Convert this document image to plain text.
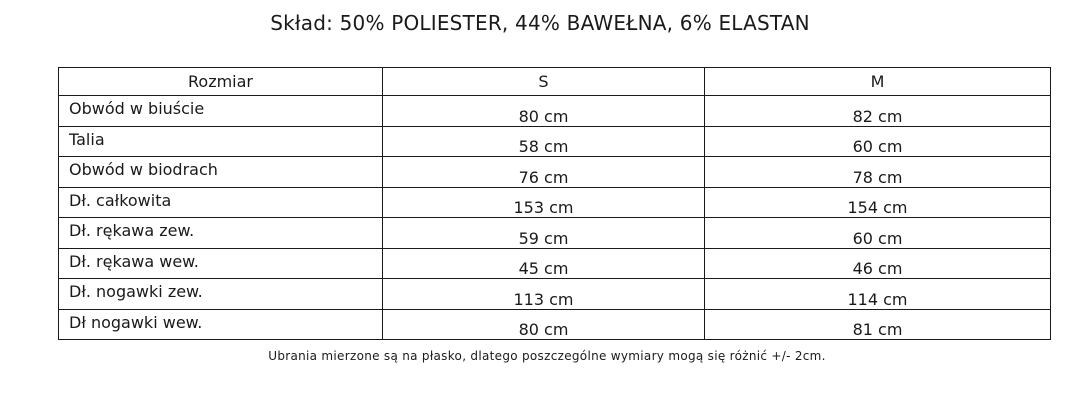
Skład: 50% POLIESTER, 44% BAWEŁNA, 6% ELASTAN
Rozmiar	S	M
Obwód w biuście	80 cm	82 cm
Talia	58 cm	60 cm
Obwód w biodrach	76 cm	78 cm
Dł. całkowita	153 cm	154 cm
Dł. rękawa zew.	59 cm	60 cm
Dł. rękawa wew.	45 cm	46 cm
Dł. nogawki zew.	113 cm	114 cm
Dł nogawki wew.	80 cm	81 cm
Ubrania mierzone są na płasko, dlatego poszczególne wymiary mogą się różnić +/- 2cm.
